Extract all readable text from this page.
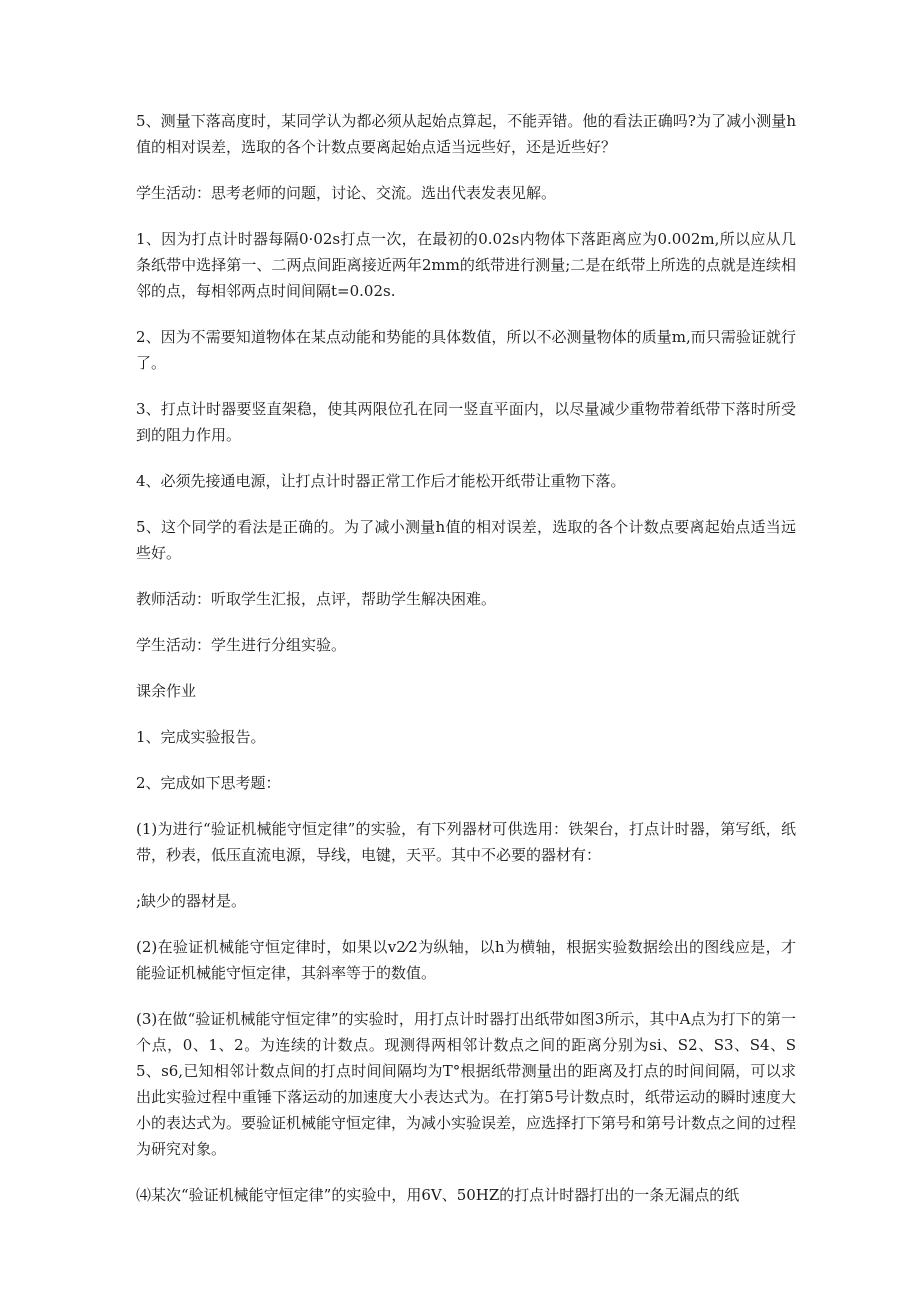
5、测量下落高度时，某同学认为都必须从起始点算起，不能弄错。他的看法正确吗?为了减小测量h值的相对误差，选取的各个计数点要离起始点适当远些好，还是近些好？

学生活动：思考老师的问题，讨论、交流。选出代表发表见解。

1、因为打点计时器每隔0·02s打点一次，在最初的0.02s内物体下落距离应为0.002m,所以应从几条纸带中选择第一、二两点间距离接近两年2mm的纸带进行测量;二是在纸带上所选的点就是连续相邻的点，每相邻两点时间间隔t=0.02s.

2、因为不需要知道物体在某点动能和势能的具体数值，所以不必测量物体的质量m,而只需验证就行了。

3、打点计时器要竖直架稳，使其两限位孔在同一竖直平面内，以尽量减少重物带着纸带下落时所受到的阻力作用。

4、必须先接通电源，让打点计时器正常工作后才能松开纸带让重物下落。

5、这个同学的看法是正确的。为了减小测量h值的相对误差，选取的各个计数点要离起始点适当远些好。

教师活动：听取学生汇报，点评，帮助学生解决困难。

学生活动：学生进行分组实验。

课余作业

1、完成实验报告。

2、完成如下思考题：

(1)为进行“验证机械能守恒定律”的实验，有下列器材可供选用：铁架台，打点计时器，第写纸，纸带，秒表，低压直流电源，导线，电键，天平。其中不必要的器材有：

;缺少的器材是。

(2)在验证机械能守恒定律时，如果以v2⁄2为纵轴，以h为横轴，根据实验数据绘出的图线应是，才能验证机械能守恒定律，其斜率等于的数值。

(3)在做“验证机械能守恒定律”的实验时，用打点计时器打出纸带如图3所示，其中A点为打下的第一个点，0、1、2。为连续的计数点。现测得两相邻计数点之间的距离分别为si、S2、S3、S4、S5、s6,已知相邻计数点间的打点时间间隔均为T°根据纸带测量出的距离及打点的时间间隔，可以求出此实验过程中重锤下落运动的加速度大小表达式为。在打第5号计数点时，纸带运动的瞬时速度大小的表达式为。要验证机械能守恒定律，为减小实验误差，应选择打下第号和第号计数点之间的过程为研究对象。

⑷某次“验证机械能守恒定律”的实验中，用6V、50HZ的打点计时器打出的一条无漏点的纸
